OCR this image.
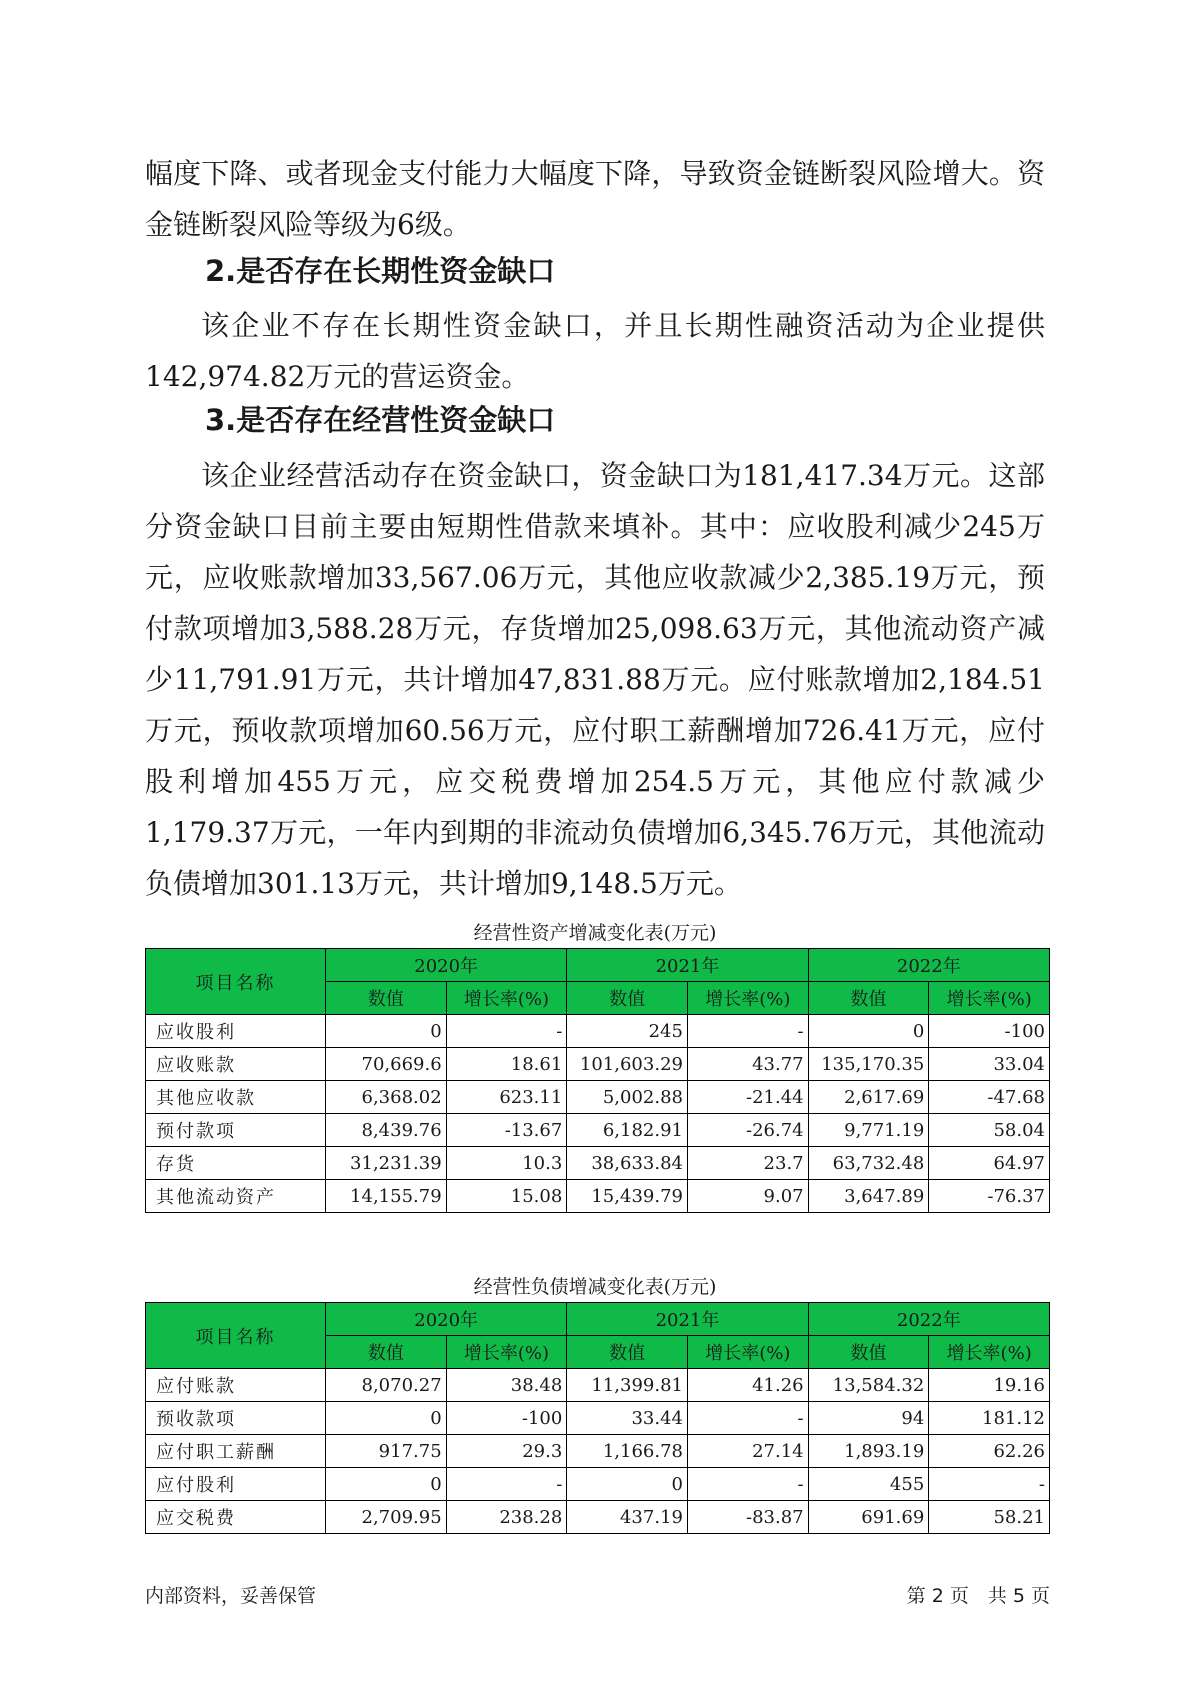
幅度下降、或者现金支付能力大幅度下降，导致资金链断裂风险增大。资金链断裂风险等级为6级。

2.是否存在长期性资金缺口

该企业不存在长期性资金缺口，并且长期性融资活动为企业提供142,974.82万元的营运资金。

3.是否存在经营性资金缺口

该企业经营活动存在资金缺口，资金缺口为181,417.34万元。这部分资金缺口目前主要由短期性借款来填补。其中：应收股利减少245万元，应收账款增加33,567.06万元，其他应收款减少2,385.19万元，预付款项增加3,588.28万元，存货增加25,098.63万元，其他流动资产减少11,791.91万元，共计增加47,831.88万元。应付账款增加2,184.51万元，预收款项增加60.56万元，应付职工薪酬增加726.41万元，应付股利增加455万元，应交税费增加254.5万元，其他应付款减少1,179.37万元，一年内到期的非流动负债增加6,345.76万元，其他流动负债增加301.13万元，共计增加9,148.5万元。

经营性资产增减变化表(万元)
项目名称	2020年		2021年		2022年	
	数值	增长率(%)	数值	增长率(%)	数值	增长率(%)
应收股利	0	-	245	-	0	-100
应收账款	70,669.6	18.61	101,603.29	43.77	135,170.35	33.04
其他应收款	6,368.02	623.11	5,002.88	-21.44	2,617.69	-47.68
预付款项	8,439.76	-13.67	6,182.91	-26.74	9,771.19	58.04
存货	31,231.39	10.3	38,633.84	23.7	63,732.48	64.97
其他流动资产	14,155.79	15.08	15,439.79	9.07	3,647.89	-76.37
经营性负债增减变化表(万元)
项目名称	2020年		2021年		2022年	
	数值	增长率(%)	数值	增长率(%)	数值	增长率(%)
应付账款	8,070.27	38.48	11,399.81	41.26	13,584.32	19.16
预收款项	0	-100	33.44	-	94	181.12
应付职工薪酬	917.75	29.3	1,166.78	27.14	1,893.19	62.26
应付股利	0	-	0	-	455	-
应交税费	2,709.95	238.28	437.19	-83.87	691.69	58.21
内部资料，妥善保管	第 2 页　共 5 页
